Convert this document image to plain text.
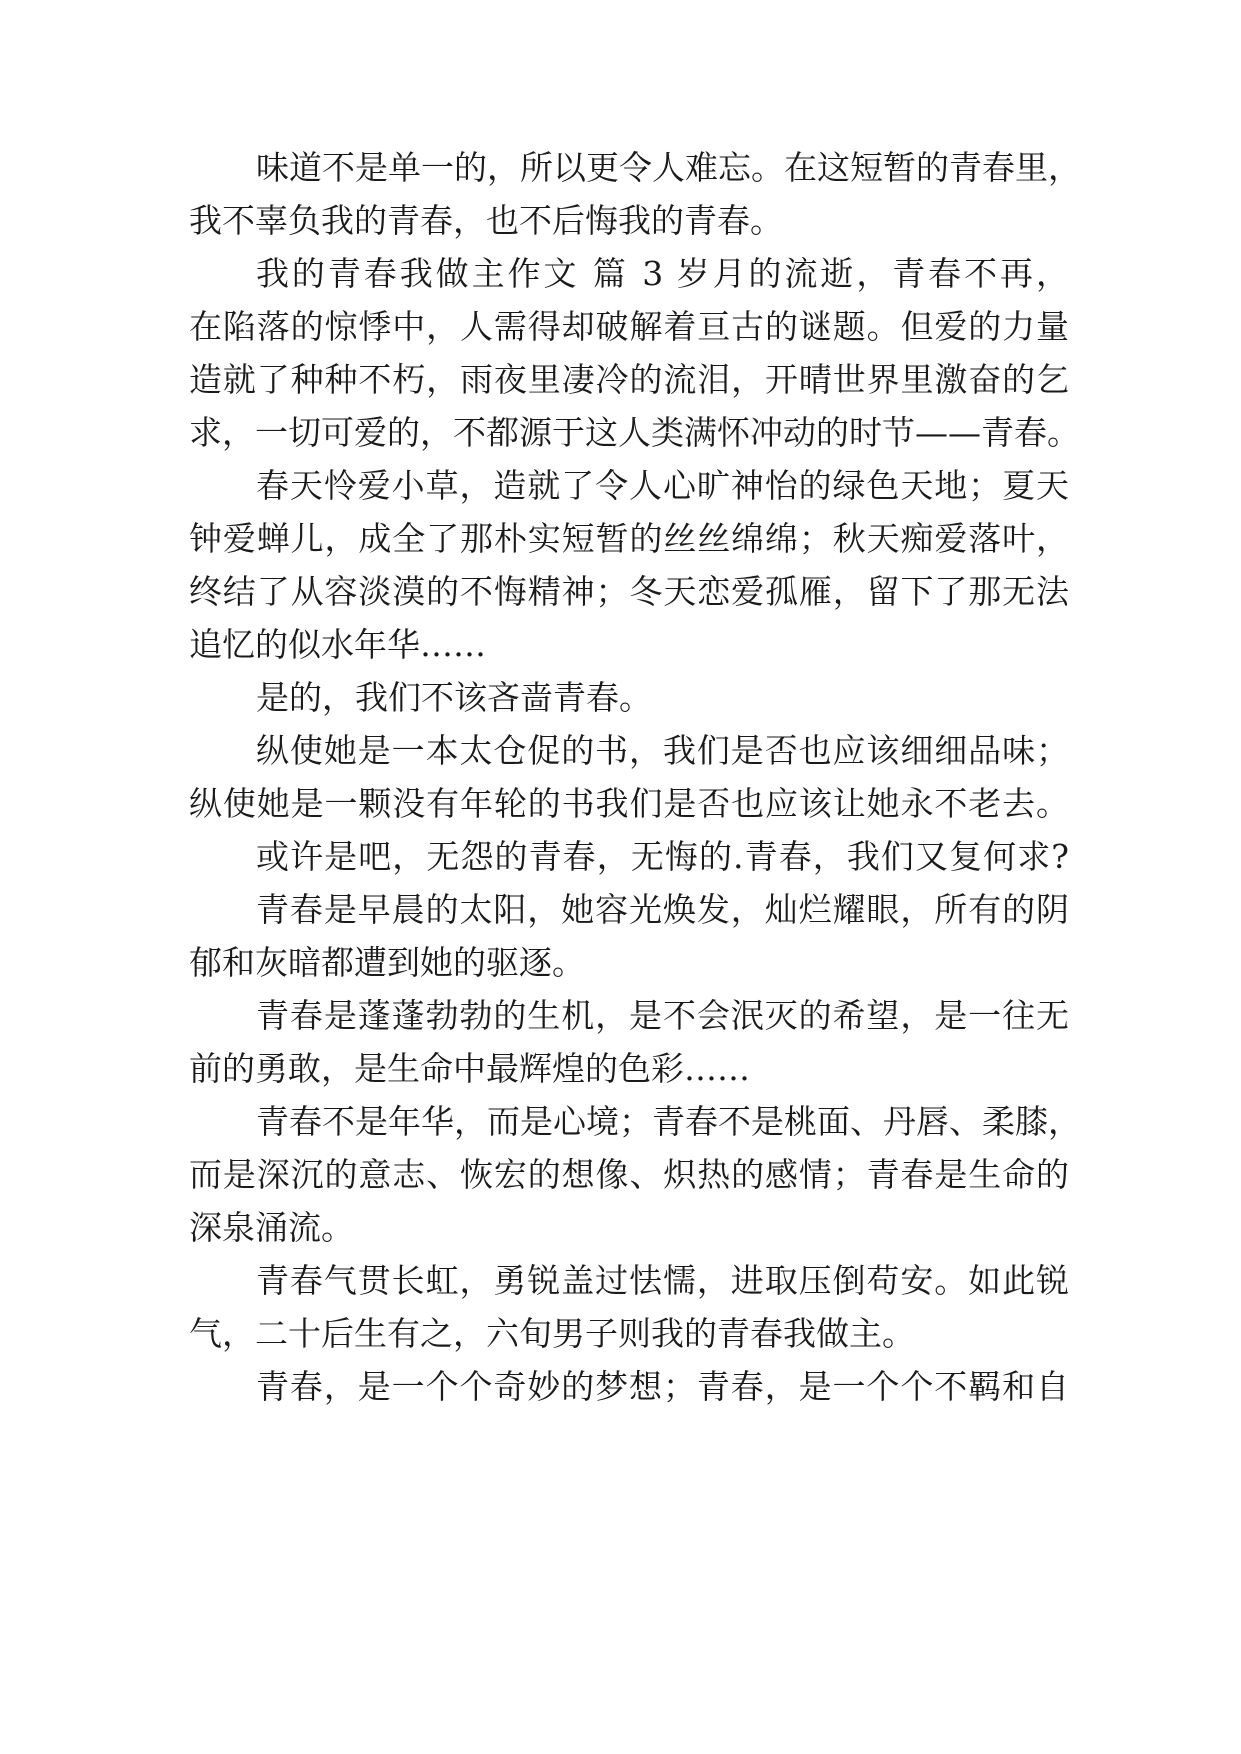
味道不是单一的，所以更令人难忘。在这短暂的青春里，
我不辜负我的青春，也不后悔我的青春。
我的青春我做主作文 篇 3 岁月的流逝，青春不再，
在陷落的惊悸中，人需得却破解着亘古的谜题。但爱的力量
造就了种种不朽，雨夜里凄冷的流泪，开晴世界里激奋的乞
求，一切可爱的，不都源于这人类满怀冲动的时节——青春。
春天怜爱小草，造就了令人心旷神怡的绿色天地；夏天
钟爱蝉儿，成全了那朴实短暂的丝丝绵绵；秋天痴爱落叶，
终结了从容淡漠的不悔精神；冬天恋爱孤雁，留下了那无法
追忆的似水年华……
是的，我们不该吝啬青春。
纵使她是一本太仓促的书，我们是否也应该细细品味；
纵使她是一颗没有年轮的书我们是否也应该让她永不老去。
或许是吧，无怨的青春，无悔的.青春，我们又复何求?
青春是早晨的太阳，她容光焕发，灿烂耀眼，所有的阴
郁和灰暗都遭到她的驱逐。
青春是蓬蓬勃勃的生机，是不会泯灭的希望，是一往无
前的勇敢，是生命中最辉煌的色彩……
青春不是年华，而是心境；青春不是桃面、丹唇、柔膝，
而是深沉的意志、恢宏的想像、炽热的感情；青春是生命的
深泉涌流。
青春气贯长虹，勇锐盖过怯懦，进取压倒苟安。如此锐
气，二十后生有之，六旬男子则我的青春我做主。
青春，是一个个奇妙的梦想；青春，是一个个不羁和自
